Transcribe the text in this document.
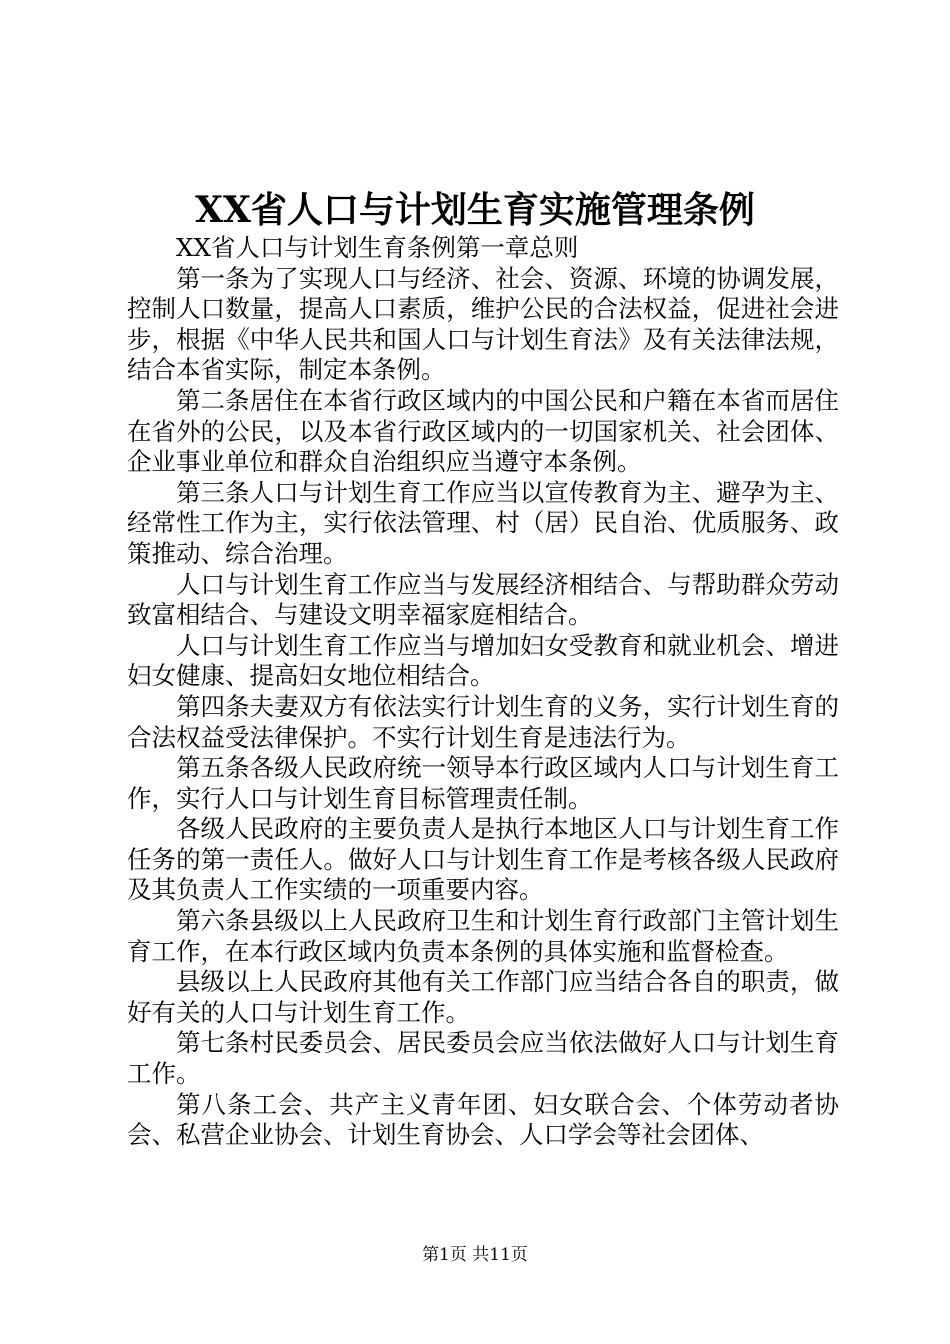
XX省人口与计划生育实施管理条例

XX省人口与计划生育条例第一章总则

第一条为了实现人口与经济、社会、资源、环境的协调发展，控制人口数量，提高人口素质，维护公民的合法权益，促进社会进步，根据《中华人民共和国人口与计划生育法》及有关法律法规，结合本省实际，制定本条例。

第二条居住在本省行政区域内的中国公民和户籍在本省而居住在省外的公民，以及本省行政区域内的一切国家机关、社会团体、企业事业单位和群众自治组织应当遵守本条例。

第三条人口与计划生育工作应当以宣传教育为主、避孕为主、经常性工作为主，实行依法管理、村（居）民自治、优质服务、政策推动、综合治理。

人口与计划生育工作应当与发展经济相结合、与帮助群众劳动致富相结合、与建设文明幸福家庭相结合。

人口与计划生育工作应当与增加妇女受教育和就业机会、增进妇女健康、提高妇女地位相结合。

第四条夫妻双方有依法实行计划生育的义务，实行计划生育的合法权益受法律保护。不实行计划生育是违法行为。

第五条各级人民政府统一领导本行政区域内人口与计划生育工作，实行人口与计划生育目标管理责任制。

各级人民政府的主要负责人是执行本地区人口与计划生育工作任务的第一责任人。做好人口与计划生育工作是考核各级人民政府及其负责人工作实绩的一项重要内容。

第六条县级以上人民政府卫生和计划生育行政部门主管计划生育工作，在本行政区域内负责本条例的具体实施和监督检查。

县级以上人民政府其他有关工作部门应当结合各自的职责，做好有关的人口与计划生育工作。

第七条村民委员会、居民委员会应当依法做好人口与计划生育工作。

第八条工会、共产主义青年团、妇女联合会、个体劳动者协会、私营企业协会、计划生育协会、人口学会等社会团体、

第1页 共11页
